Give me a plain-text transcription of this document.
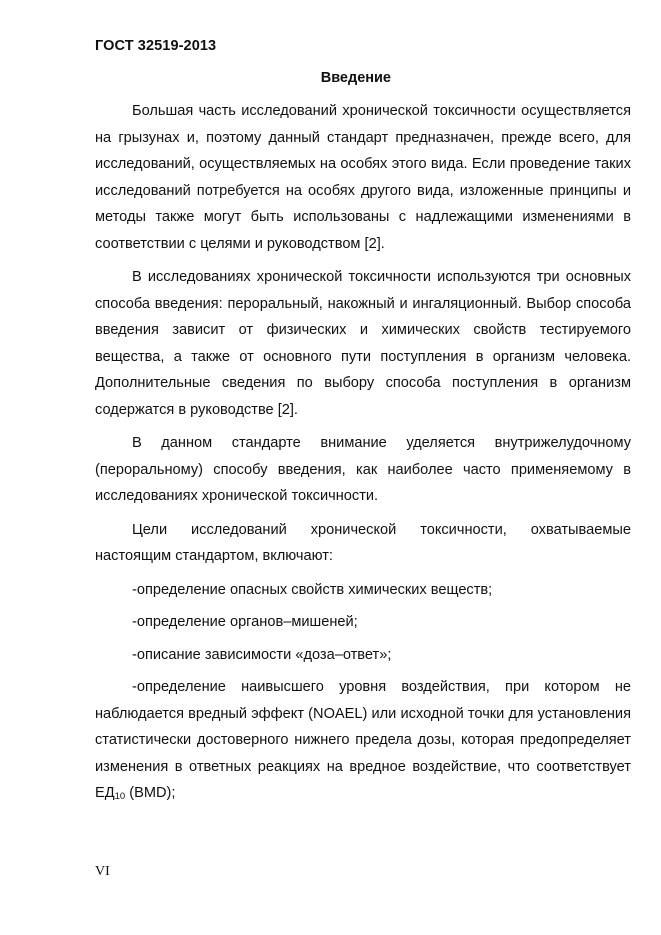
ГОСТ 32519-2013
Введение

Большая часть исследований хронической токсичности осуществляется на грызунах и, поэтому данный стандарт предназначен, прежде всего, для исследований, осуществляемых на особях этого вида. Если проведение таких исследований потребуется на особях другого вида, изложенные принципы и методы также могут быть использованы с надлежащими изменениями в соответствии с целями и руководством [2].

В исследованиях хронической токсичности используются три основных способа введения: пероральный, накожный и ингаляционный. Выбор способа введения зависит от физических и химических свойств тестируемого вещества, а также от основного пути поступления в организм человека. Дополнительные сведения по выбору способа поступления в организм содержатся в руководстве [2].

В данном стандарте внимание уделяется внутрижелудочному (пероральному) способу введения, как наиболее часто применяемому в исследованиях хронической токсичности.

Цели исследований хронической токсичности, охватываемые настоящим стандартом, включают:

-определение опасных свойств химических веществ;

-определение органов–мишеней;

-описание зависимости «доза–ответ»;

-определение наивысшего уровня воздействия, при котором не наблюдается вредный эффект (NOAEL) или исходной точки для установления статистически достоверного нижнего предела дозы, которая предопределяет изменения в ответных реакциях на вредное воздействие, что соответствует $ЕД_{10}$ (BMD);

VI
